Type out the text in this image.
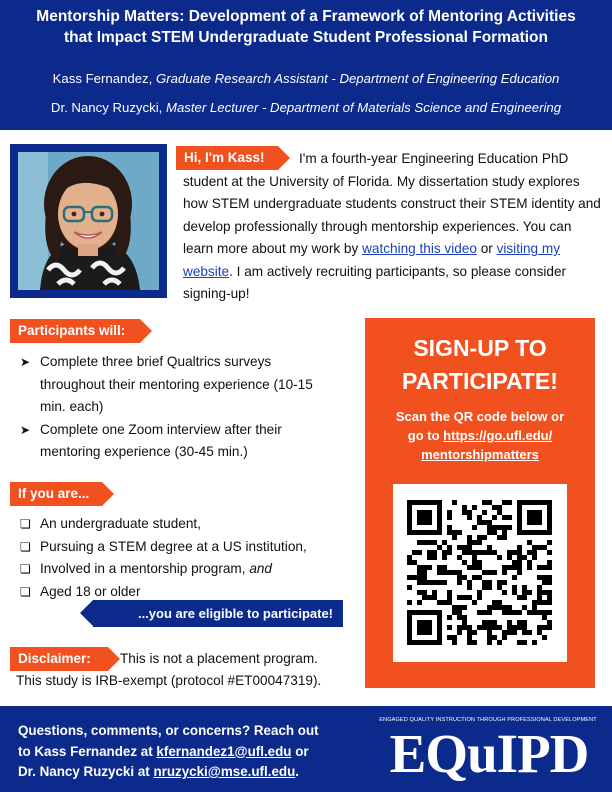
Mentorship Matters: Development of a Framework of Mentoring Activities
that Impact STEM Undergraduate Student Professional Formation
Kass Fernandez, Graduate Research Assistant - Department of Engineering Education
Dr. Nancy Ruzycki, Master Lecturer - Department of Materials Science and Engineering
Hi, I'm Kass!	I'm a fourth-year Engineering Education PhD student at the University of Florida. My dissertation study explores how STEM undergraduate students construct their STEM identity and develop professionally through mentorship experiences. You can learn more about my work by watching this video or visiting my website. I am actively recruiting participants, so please consider signing-up!
Participants will:
➤ Complete three brief Qualtrics surveys throughout their mentoring experience (10-15 min. each)
➤ Complete one Zoom interview after their mentoring experience (30-45 min.)
If you are...
❏ An undergraduate student,
❏ Pursuing a STEM degree at a US institution,
❏ Involved in a mentorship program, and
❏ Aged 18 or older
...you are eligible to participate!
Disclaimer:	This is not a placement program.
This study is IRB-exempt (protocol #ET00047319).
SIGN-UP TO
PARTICIPATE!
Scan the QR code below or
go to https://go.ufl.edu/
mentorshipmatters
Questions, comments, or concerns? Reach out
to Kass Fernandez at kfernandez1@ufl.edu or
Dr. Nancy Ruzycki at nruzycki@mse.ufl.edu.
ENGAGED QUALITY INSTRUCTION THROUGH PROFESSIONAL DEVELOPMENT
EQuIPD
